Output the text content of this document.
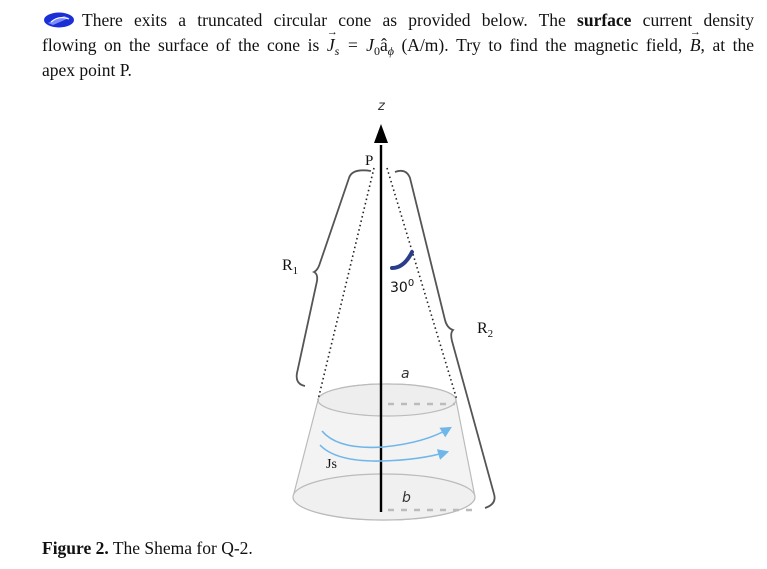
There exits a truncated circular cone as provided below. The surface current density
flowing on the surface of the cone is → $J_s$ = $J_0â_\phi$ (A/m). Try to find the magnetic field, → B, at the
apex point P.
z
P
$R_1$
$R_2$
$30^0$
a
b
Js
Figure 2. The Shema for Q-2.
